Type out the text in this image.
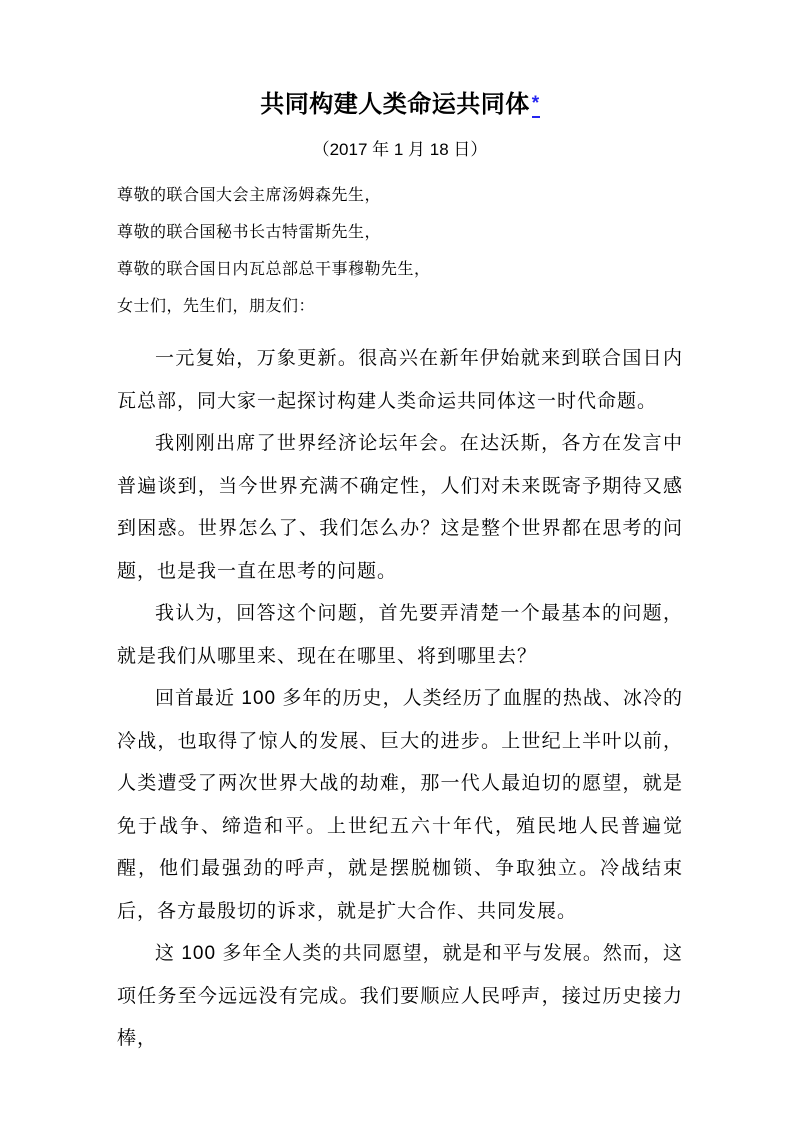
共同构建人类命运共同体 *

（2017 年 1 月 18 日）

尊敬的联合国大会主席汤姆森先生，

尊敬的联合国秘书长古特雷斯先生，

尊敬的联合国日内瓦总部总干事穆勒先生，

女士们，先生们，朋友们：

一元复始，万象更新。很高兴在新年伊始就来到联合国日内瓦总部，同大家一起探讨构建人类命运共同体这一时代命题。

我刚刚出席了世界经济论坛年会。在达沃斯，各方在发言中普遍谈到，当今世界充满不确定性，人们对未来既寄予期待又感到困惑。世界怎么了、我们怎么办？这是整个世界都在思考的问题，也是我一直在思考的问题。

我认为，回答这个问题，首先要弄清楚一个最基本的问题，就是我们从哪里来、现在在哪里、将到哪里去？

回首最近 100 多年的历史，人类经历了血腥的热战、冰冷的冷战，也取得了惊人的发展、巨大的进步。上世纪上半叶以前，人类遭受了两次世界大战的劫难，那一代人最迫切的愿望，就是免于战争、缔造和平。上世纪五六十年代，殖民地人民普遍觉醒，他们最强劲的呼声，就是摆脱枷锁、争取独立。冷战结束后，各方最殷切的诉求，就是扩大合作、共同发展。

这 100 多年全人类的共同愿望，就是和平与发展。然而，这项任务至今远远没有完成。我们要顺应人民呼声，接过历史接力棒，
